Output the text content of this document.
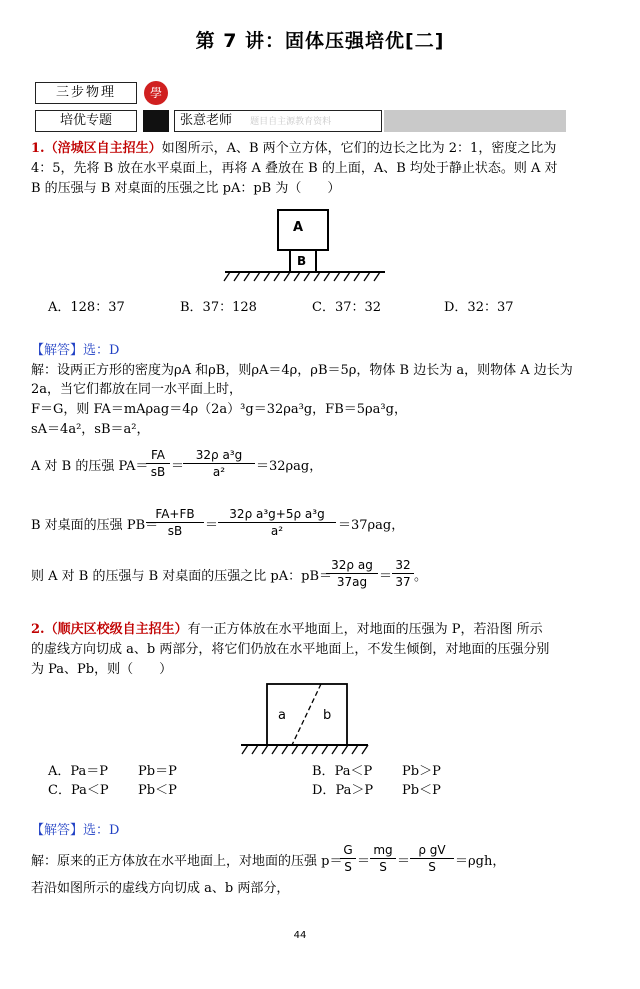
第 7 讲：固体压强培优[二]
三步物理	學
培优专题	张意老师 题目自主源教育资料
1.（涪城区自主招生）如图所示，A、B 两个立方体，它们的边长之比为 2：1，密度之比为
4：5，先将 B 放在水平桌面上，再将 A 叠放在 B 的上面，A、B 均处于静止状态。则 A 对
B 的压强与 B 对桌面的压强之比 pA：pB 为（　　）
A
B
A．128：37	B．37：128	C．37：32	D．32：37
【解答】选：D
解：设两正方形的密度为ρA 和ρB，则ρA＝4ρ，ρB＝5ρ，物体 B 边长为 a，则物体 A 边长为
2a，当它们都放在同一水平面上时，
F＝G，则 FA＝mAρag＝4ρ（2a）³g＝32ρa³g，FB＝5ρa³g，
sA＝4a²，sB＝a²，
A 对 B 的压强 PA＝
$\frac{FA}{sB}$ ＝
$\frac{\text{32ρ a³g}}{\text{a²}} =32\rho ag$，
B 对桌面的压强 PB＝
$\frac{FA+FB}{sB} = \frac{\text{32ρ a³g+5ρ a³g}}{\text{a²}} =37\rho ag$，
则 A 对 B 的压强与 B 对桌面的压强之比 pA：pB＝
$\frac{\text{32ρ ag}}{37ag} = \frac{32}{37}$ 。
2.（顺庆区校级自主招生）有一正方体放在水平地面上，对地面的压强为 P，若沿图 所示
的虚线方向切成 a、b 两部分，将它们仍放在水平地面上，不发生倾倒，对地面的压强分别
为 Pa、Pb，则（　　）
a	b
A．Pa＝P Pb＝P	B．Pa＜P Pb＞P
C．Pa＜P Pb＜P	D．Pa＞P Pb＜P
【解答】选：D
解：原来的正方体放在水平地面上，对地面的压强 p＝
$\frac{G}{S} = \frac{mg}{S} = \frac{\text{ρ gV}}{S} =\rho gh$，
若沿如图所示的虚线方向切成 a、b 两部分，
44
